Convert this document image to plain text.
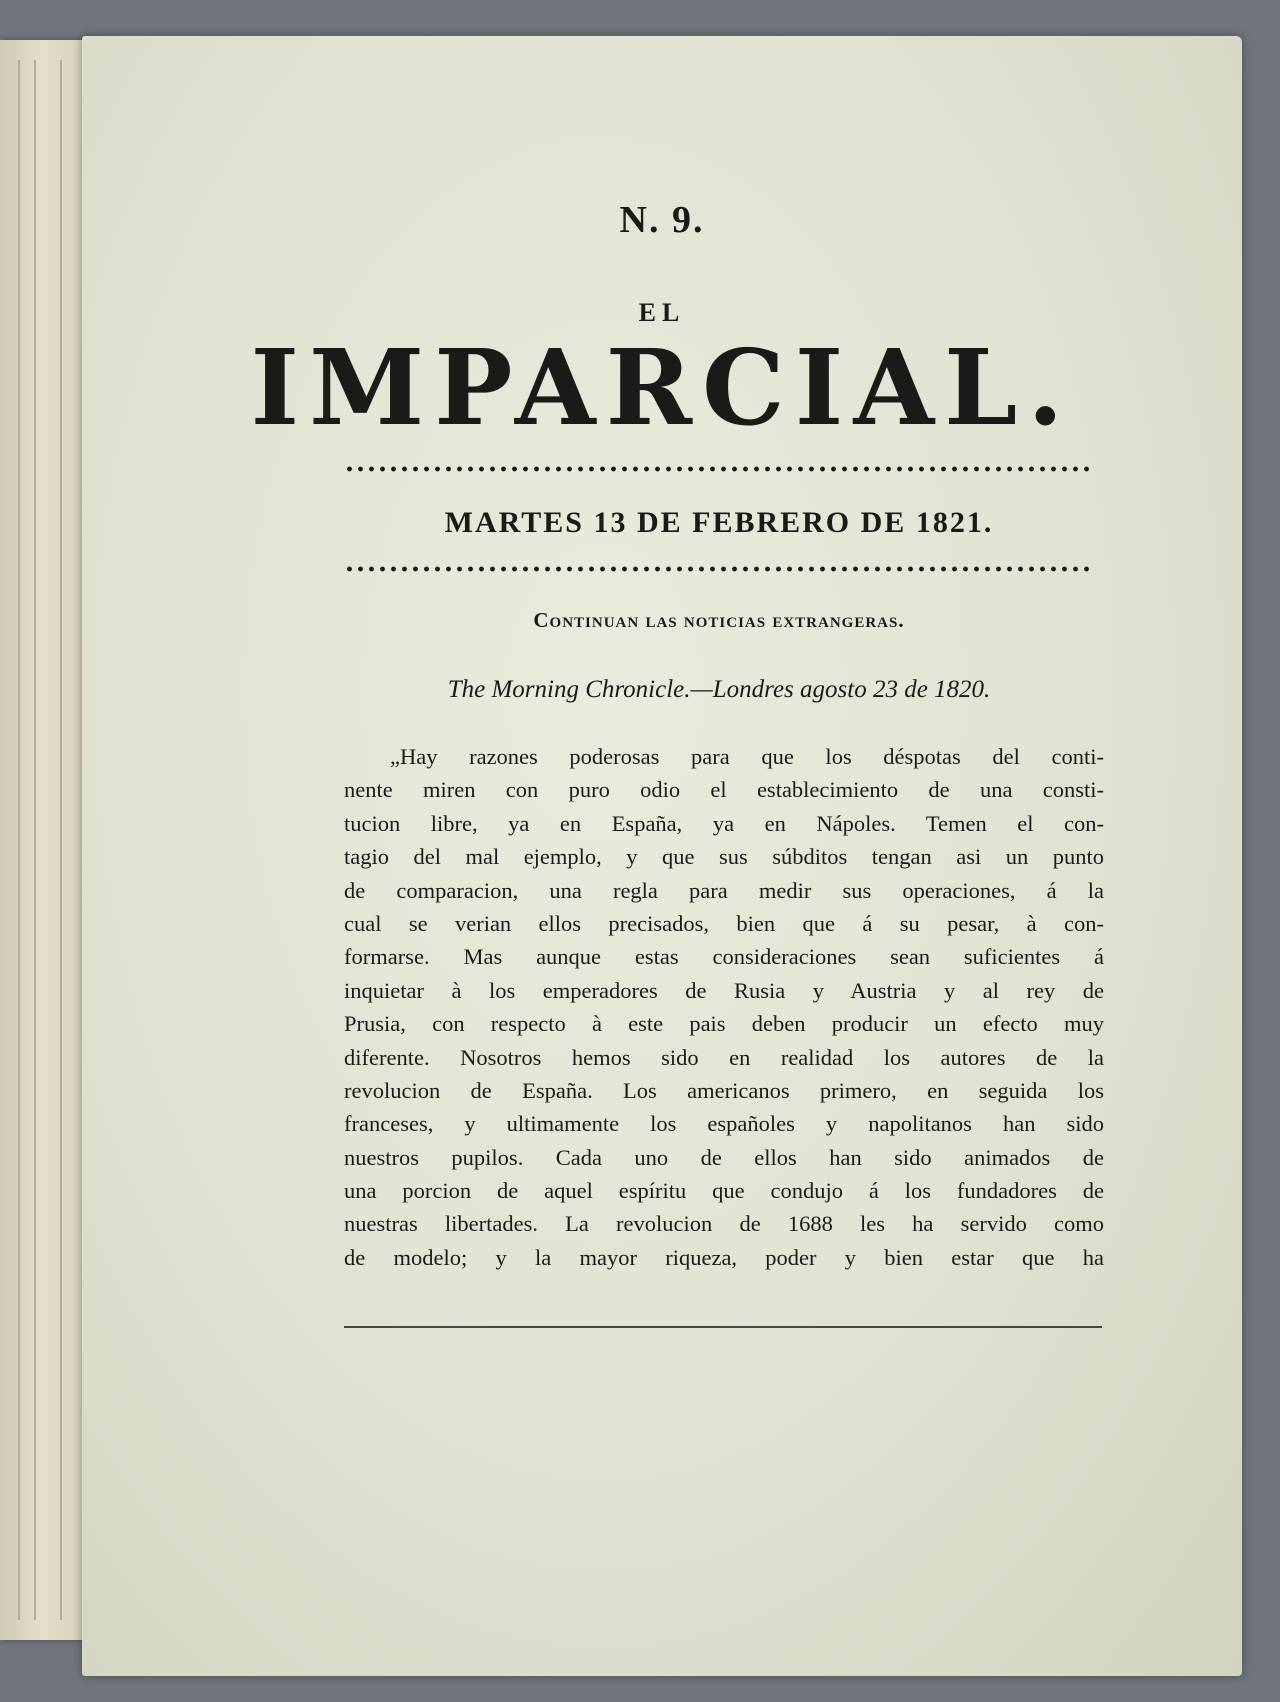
N. 9.
EL
IMPARCIAL.
MARTES 13 DE FEBRERO DE 1821.
Continuan las noticias extrangeras.
The Morning Chronicle.—Londres agosto 23 de 1820.
„Hay razones poderosas para que los déspotas del conti-
nente miren con puro odio el establecimiento de una consti-
tucion libre, ya en España, ya en Nápoles. Temen el con-
tagio del mal ejemplo, y que sus súbditos tengan asi un punto
de comparacion, una regla para medir sus operaciones, á la
cual se verian ellos precisados, bien que á su pesar, à con-
formarse. Mas aunque estas consideraciones sean suficientes á
inquietar à los emperadores de Rusia y Austria y al rey de
Prusia, con respecto à este pais deben producir un efecto muy
diferente. Nosotros hemos sido en realidad los autores de la
revolucion de España. Los americanos primero, en seguida los
franceses, y ultimamente los españoles y napolitanos han sido
nuestros pupilos. Cada uno de ellos han sido animados de
una porcion de aquel espíritu que condujo á los fundadores de
nuestras libertades. La revolucion de 1688 les ha servido como
de modelo; y la mayor riqueza, poder y bien estar que ha
